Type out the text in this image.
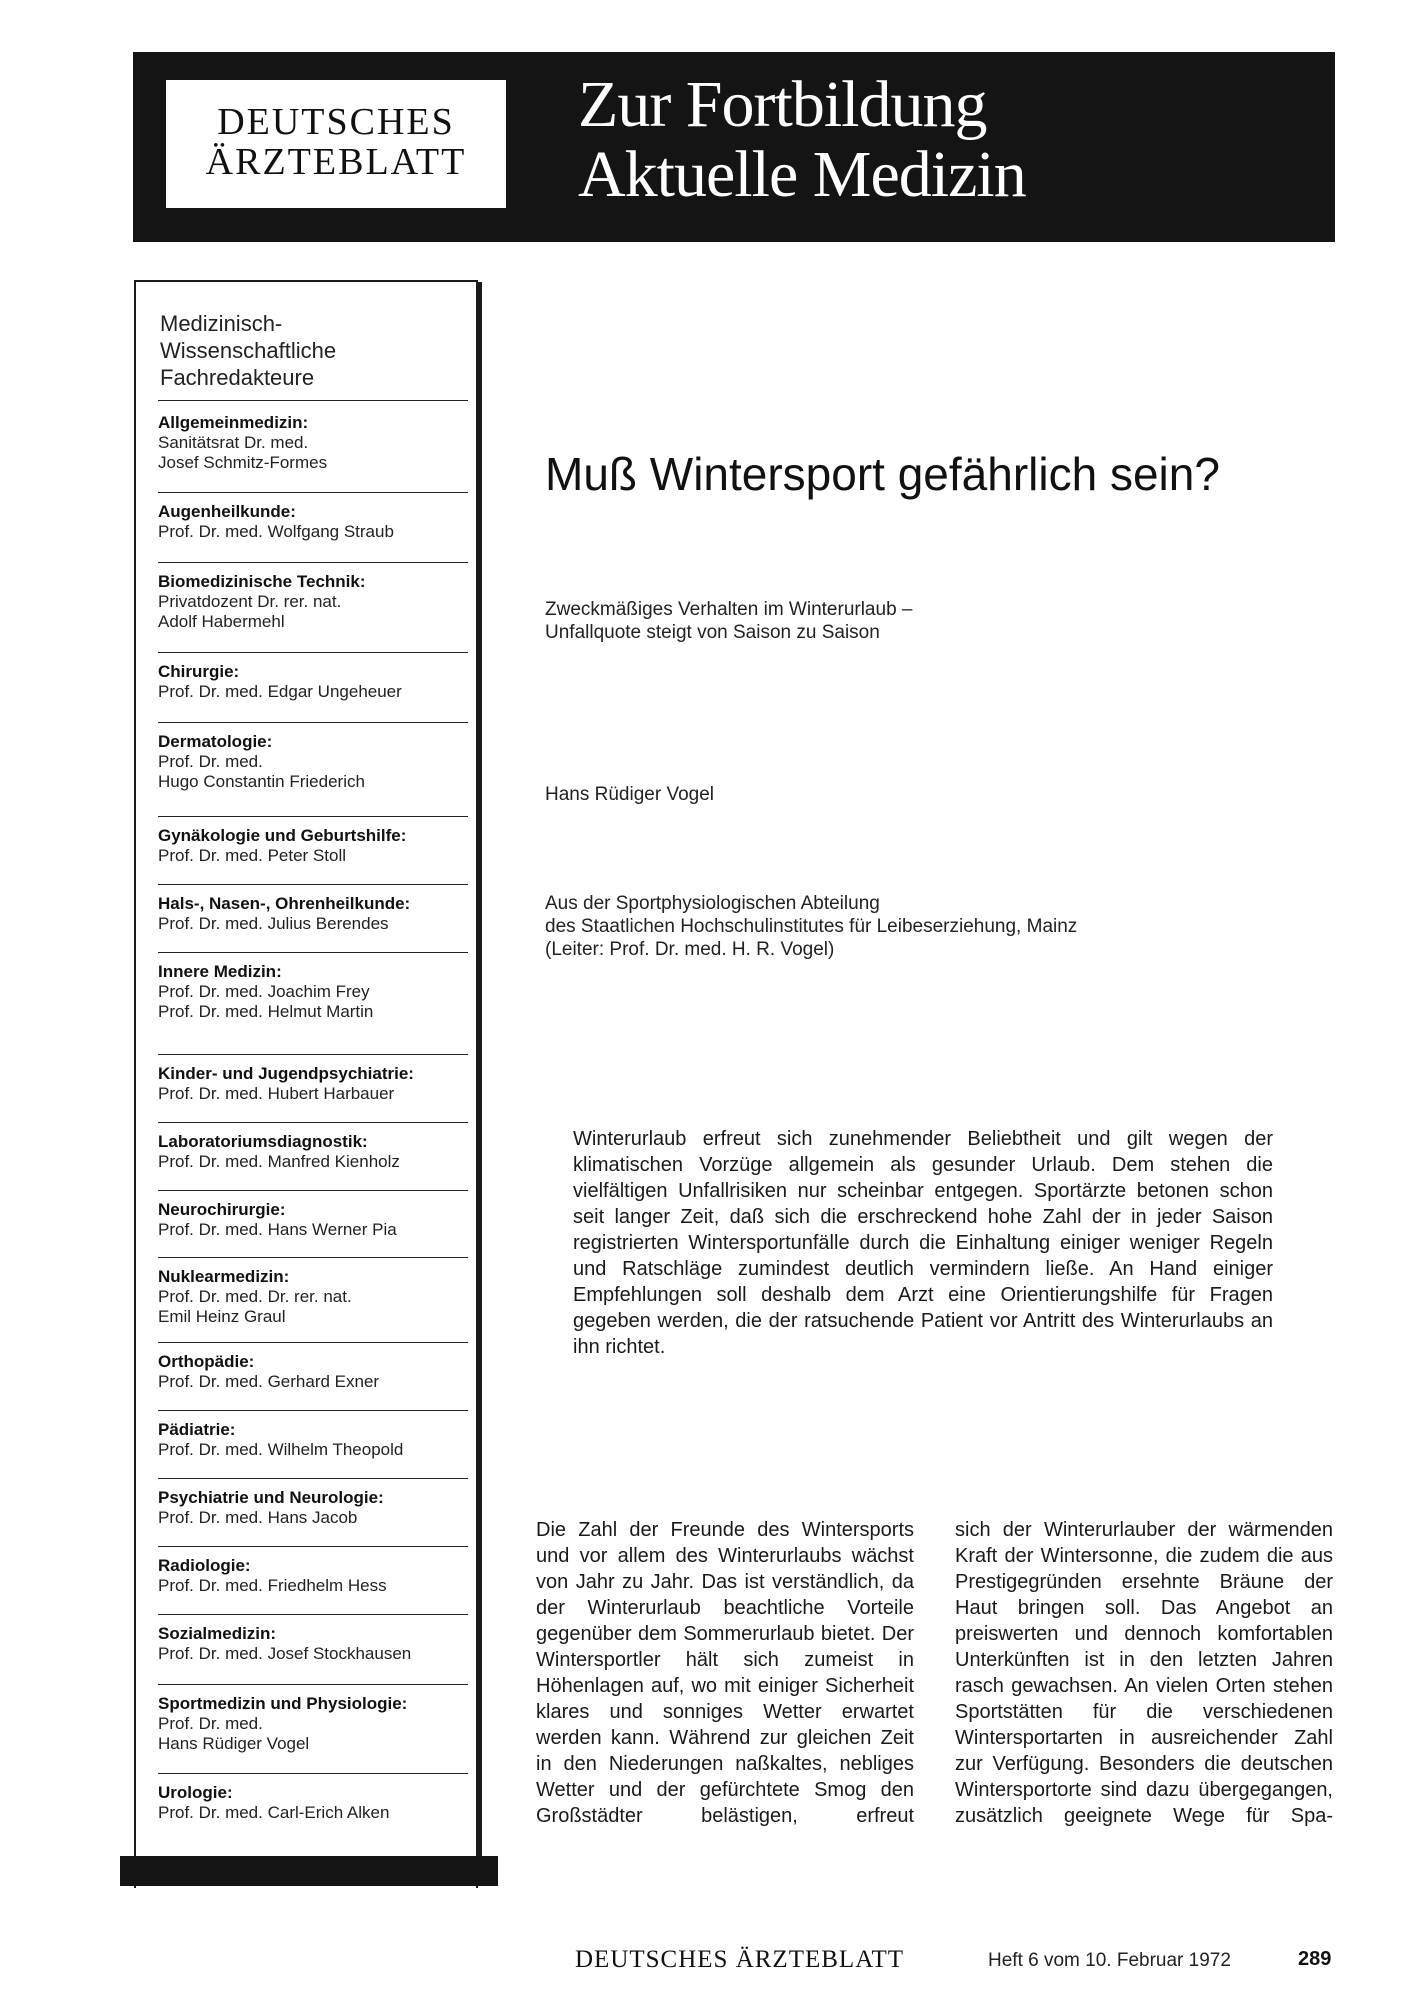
DEUTSCHES
ÄRZTEBLATT
Zur Fortbildung
Aktuelle Medizin
Medizinisch-
Wissenschaftliche
Fachredakteure
Allgemeinmedizin:
Sanitätsrat Dr. med.
Josef Schmitz-Formes
Augenheilkunde:
Prof. Dr. med. Wolfgang Straub
Biomedizinische Technik:
Privatdozent Dr. rer. nat.
Adolf Habermehl
Chirurgie:
Prof. Dr. med. Edgar Ungeheuer
Dermatologie:
Prof. Dr. med.
Hugo Constantin Friederich
Gynäkologie und Geburtshilfe:
Prof. Dr. med. Peter Stoll
Hals-, Nasen-, Ohrenheilkunde:
Prof. Dr. med. Julius Berendes
Innere Medizin:
Prof. Dr. med. Joachim Frey
Prof. Dr. med. Helmut Martin
Kinder- und Jugendpsychiatrie:
Prof. Dr. med. Hubert Harbauer
Laboratoriumsdiagnostik:
Prof. Dr. med. Manfred Kienholz
Neurochirurgie:
Prof. Dr. med. Hans Werner Pia
Nuklearmedizin:
Prof. Dr. med. Dr. rer. nat.
Emil Heinz Graul
Orthopädie:
Prof. Dr. med. Gerhard Exner
Pädiatrie:
Prof. Dr. med. Wilhelm Theopold
Psychiatrie und Neurologie:
Prof. Dr. med. Hans Jacob
Radiologie:
Prof. Dr. med. Friedhelm Hess
Sozialmedizin:
Prof. Dr. med. Josef Stockhausen
Sportmedizin und Physiologie:
Prof. Dr. med.
Hans Rüdiger Vogel
Urologie:
Prof. Dr. med. Carl-Erich Alken
Muß Wintersport gefährlich sein?
Zweckmäßiges Verhalten im Winterurlaub –
Unfallquote steigt von Saison zu Saison
Hans Rüdiger Vogel
Aus der Sportphysiologischen Abteilung
des Staatlichen Hochschulinstitutes für Leibeserziehung, Mainz
(Leiter: Prof. Dr. med. H. R. Vogel)
Winterurlaub erfreut sich zunehmender Beliebtheit und gilt wegen der klimatischen Vorzüge allgemein als gesunder Urlaub. Dem stehen die vielfältigen Unfallrisiken nur scheinbar entgegen. Sportärzte betonen schon seit langer Zeit, daß sich die erschreckend hohe Zahl der in jeder Saison registrierten Wintersportunfälle durch die Einhaltung einiger weniger Regeln und Ratschläge zumindest deutlich vermindern ließe. An Hand einiger Empfehlungen soll deshalb dem Arzt eine Orientierungshilfe für Fragen gegeben werden, die der ratsuchende Patient vor Antritt des Winterurlaubs an ihn richtet.
Die Zahl der Freunde des Wintersports und vor allem des Winterurlaubs wächst von Jahr zu Jahr. Das ist verständlich, da der Winterurlaub beachtliche Vorteile gegenüber dem Sommerurlaub bietet. Der Wintersportler hält sich zumeist in Höhenlagen auf, wo mit einiger Sicherheit klares und sonniges Wetter erwartet werden kann. Während zur gleichen Zeit in den Niederungen naßkaltes, nebliges Wetter und der gefürchtete Smog den Großstädter belästigen, erfreut
sich der Winterurlauber der wärmenden Kraft der Wintersonne, die zudem die aus Prestigegründen ersehnte Bräune der Haut bringen soll. Das Angebot an preiswerten und dennoch komfortablen Unterkünften ist in den letzten Jahren rasch gewachsen. An vielen Orten stehen Sportstätten für die verschiedenen Wintersportarten in ausreichender Zahl zur Verfügung. Besonders die deutschen Wintersportorte sind dazu übergegangen, zusätzlich geeignete Wege für Spa-
DEUTSCHES ÄRZTEBLATT	Heft 6 vom 10. Februar 1972	289
